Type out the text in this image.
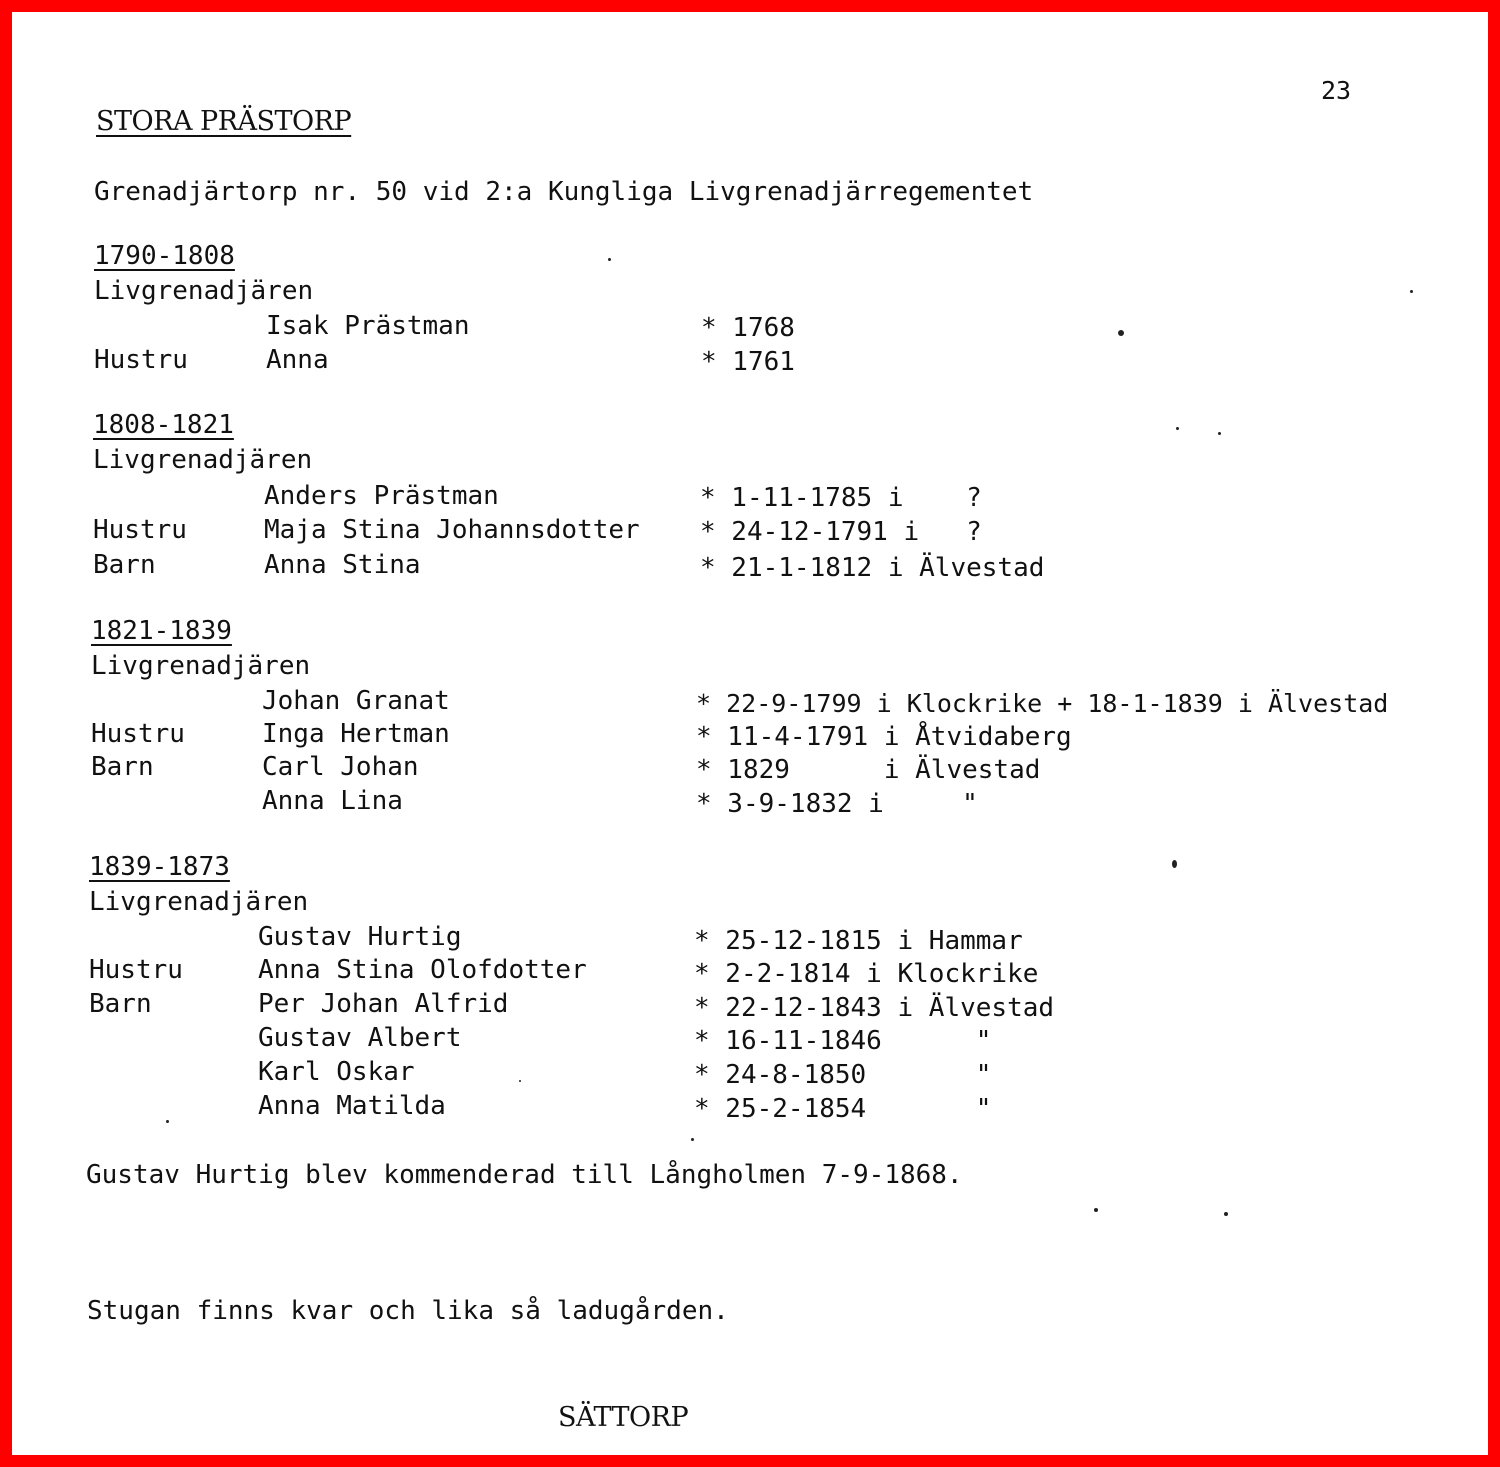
23
STORA PRÄSTORP
Grenadjärtorp nr. 50 vid 2:a Kungliga Livgrenadjärregementet
1790-1808
Livgrenadjären
Isak Prästman	* 1768
Hustru	Anna	* 1761
1808-1821
Livgrenadjären
Anders Prästman	* 1-11-1785 i    ?
Hustru	Maja Stina Johannsdotter * 24-12-1791 i   ?
Barn	Anna Stina	* 21-1-1812 i Älvestad
1821-1839
Livgrenadjären
Johan Granat	* 22-9-1799 i Klockrike + 18-1-1839 i Älvestad
Hustru	Inga Hertman	* 11-4-1791 i Åtvidaberg
Barn	Carl Johan	* 1829      i Älvestad
Anna Lina	* 3-9-1832 i     "
1839-1873
Livgrenadjären
Gustav Hurtig	* 25-12-1815 i Hammar
Hustru	Anna Stina Olofdotter	* 2-2-1814 i Klockrike
Barn	Per Johan Alfrid	* 22-12-1843 i Älvestad
Gustav Albert	* 16-11-1846      "
Karl Oskar	* 24-8-1850       "
Anna Matilda	* 25-2-1854       "
Gustav Hurtig blev kommenderad till Långholmen 7-9-1868.
Stugan finns kvar och lika så ladugården.
SÄTTORP
